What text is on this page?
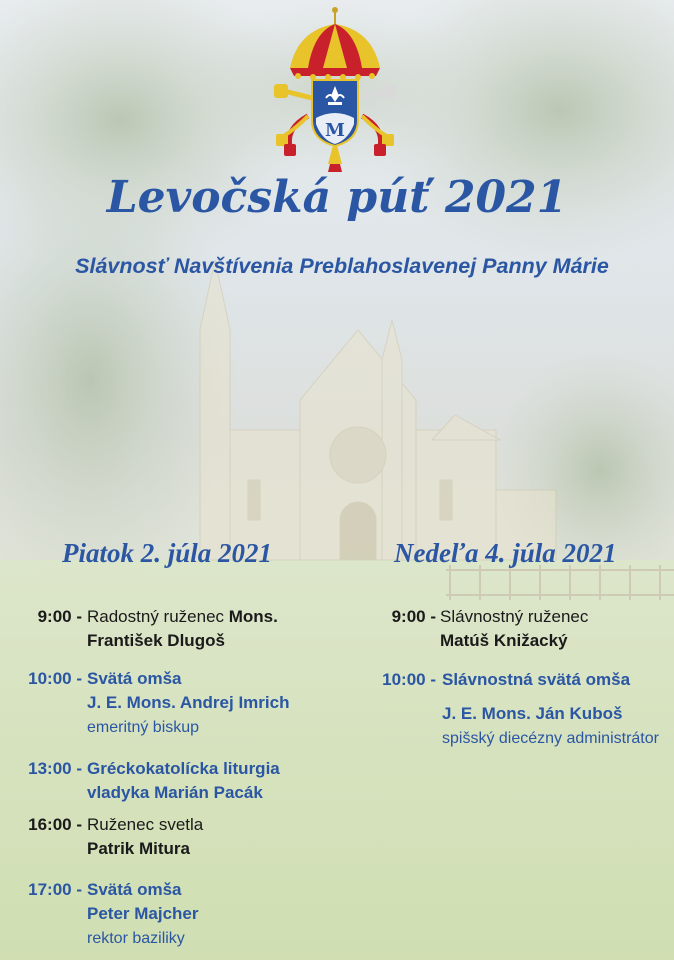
M
Levočská púť 2021
Slávnosť Navštívenia Preblahoslavenej Panny Márie
Piatok 2. júla 2021
9:00 - Radostný ruženec Mons.
František Dlugoš
10:00 - Svätá omša
J. E. Mons. Andrej Imrich
emeritný biskup
13:00 - Gréckokatolícka liturgia
vladyka Marián Pacák
16:00 - Ruženec svetla
Patrik Mitura
17:00 - Svätá omša
Peter Majcher
rektor baziliky
Nedeľa 4. júla 2021
9:00 - Slávnostný ruženec
Matúš Knižacký
10:00 - Slávnostná svätá omša
J. E. Mons. Ján Kuboš
spišský diecézny administrátor
